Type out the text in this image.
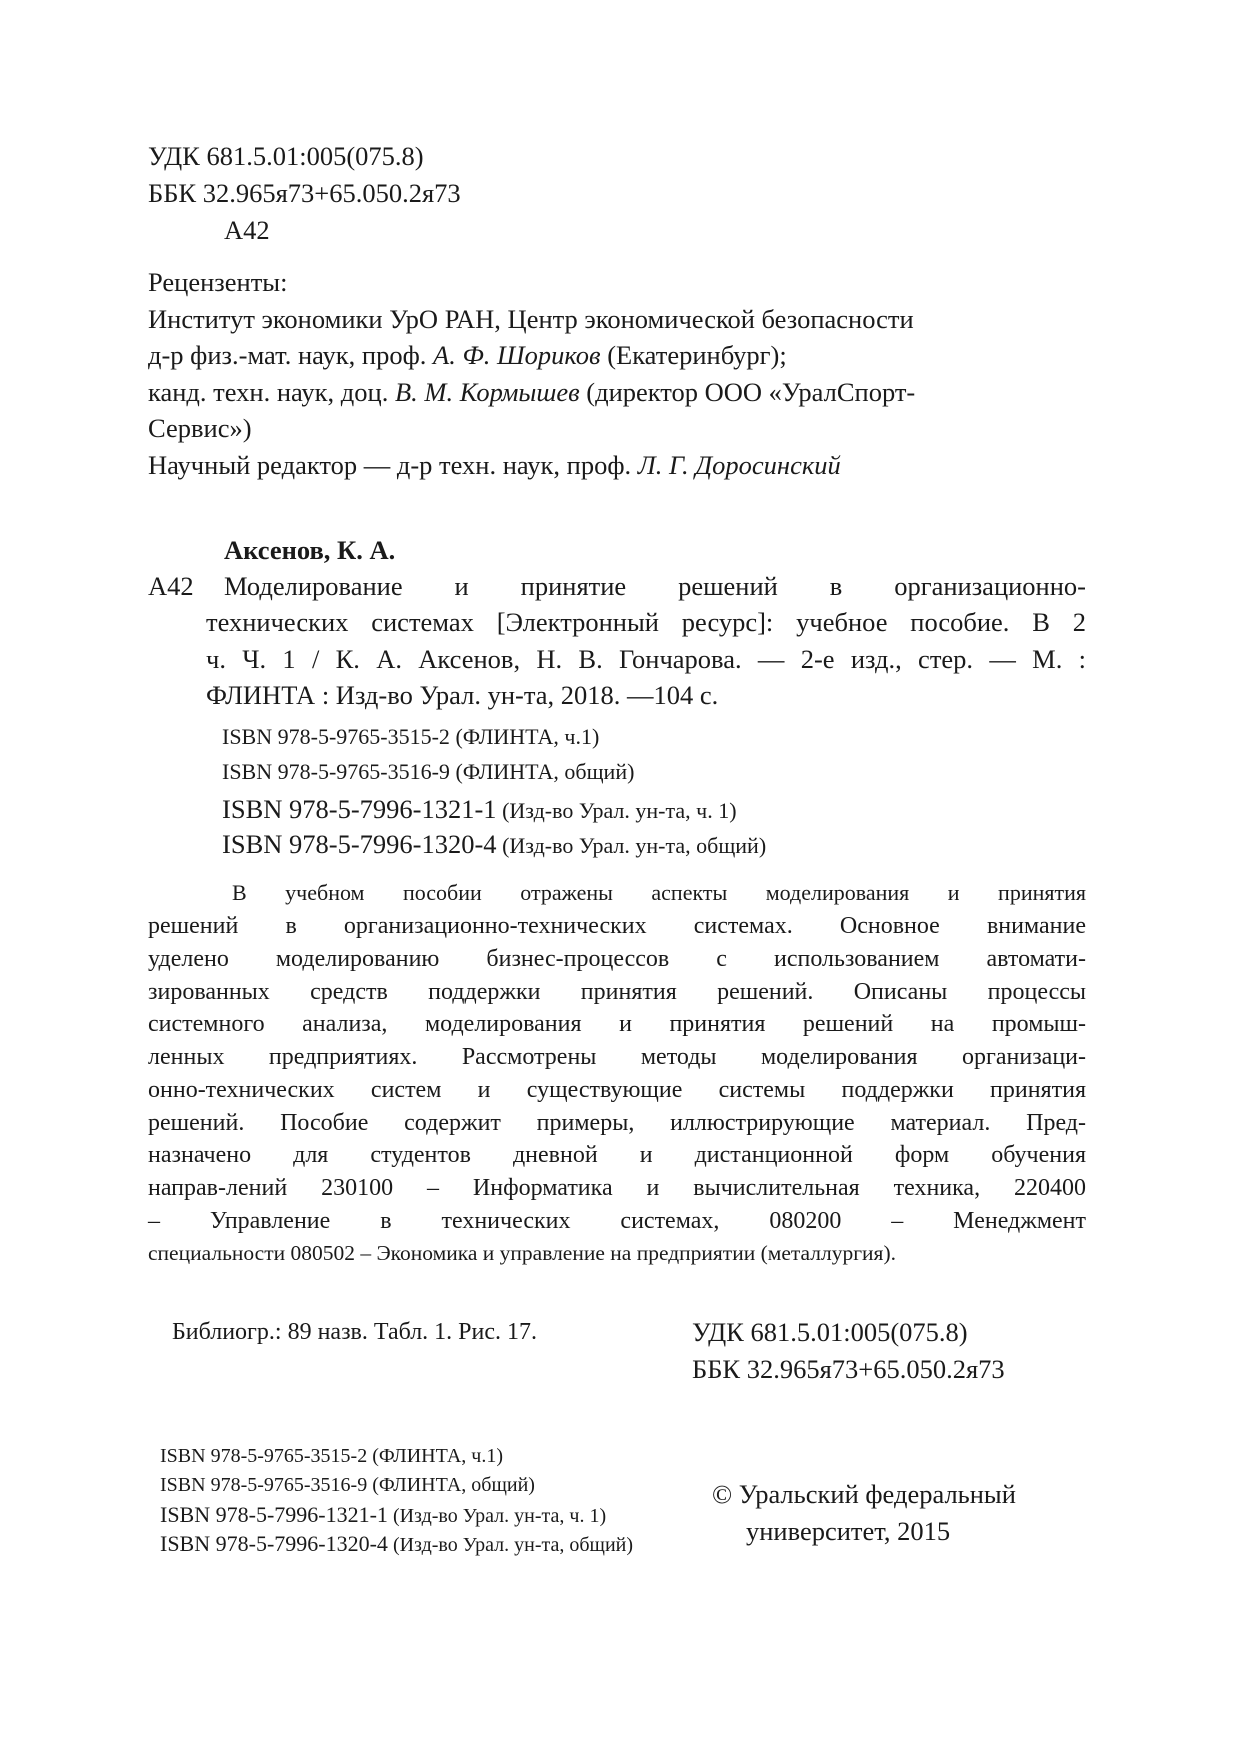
УДК 681.5.01:005(075.8)
ББК 32.965я73+65.050.2я73
А42
Рецензенты:
Институт экономики УрО РАН, Центр экономической безопасности
д-р физ.-мат. наук, проф. А. Ф. Шориков (Екатеринбург);
канд. техн. наук, доц. В. М. Кормышев (директор ООО «УралСпорт-
Сервис»)
Научный редактор — д-р техн. наук, проф. Л. Г. Доросинский
Аксенов, К. А.
А42 Моделирование и принятие решений в организационно-
технических системах [Электронный ресурс]: учебное пособие. В 2
ч. Ч. 1 / К. А. Аксенов, Н. В. Гончарова. — 2-е изд., стер. — М. :
ФЛИНТА : Изд-во Урал. ун-та, 2018. —104 с.
ISBN 978-5-9765-3515-2 (ФЛИНТА, ч.1)
ISBN 978-5-9765-3516-9 (ФЛИНТА, общий)
ISBN 978-5-7996-1321-1 (Изд-во Урал. ун-та, ч. 1)
ISBN 978-5-7996-1320-4 (Изд-во Урал. ун-та, общий)
В учебном пособии отражены аспекты моделирования и принятия
решений в организационно-технических системах. Основное внимание
уделено моделированию бизнес-процессов с использованием автомати-
зированных средств поддержки принятия решений. Описаны процессы
системного анализа, моделирования и принятия решений на промыш-
ленных предприятиях. Рассмотрены методы моделирования организаци-
онно-технических систем и существующие системы поддержки принятия
решений. Пособие содержит примеры, иллюстрирующие материал. Пред-
назначено для студентов дневной и дистанционной форм обучения
направ-лений 230100 – Информатика и вычислительная техника, 220400
– Управление в технических системах, 080200 – Менеджмент
специальности 080502 – Экономика и управление на предприятии (металлургия).
Библиогр.: 89 назв. Табл. 1. Рис. 17.	УДК 681.5.01:005(075.8)
ББК 32.965я73+65.050.2я73
ISBN 978-5-9765-3515-2 (ФЛИНТА, ч.1)
ISBN 978-5-9765-3516-9 (ФЛИНТА, общий)
ISBN 978-5-7996-1321-1 (Изд-во Урал. ун-та, ч. 1)
ISBN 978-5-7996-1320-4 (Изд-во Урал. ун-та, общий)
© Уральский федеральный
университет, 2015
